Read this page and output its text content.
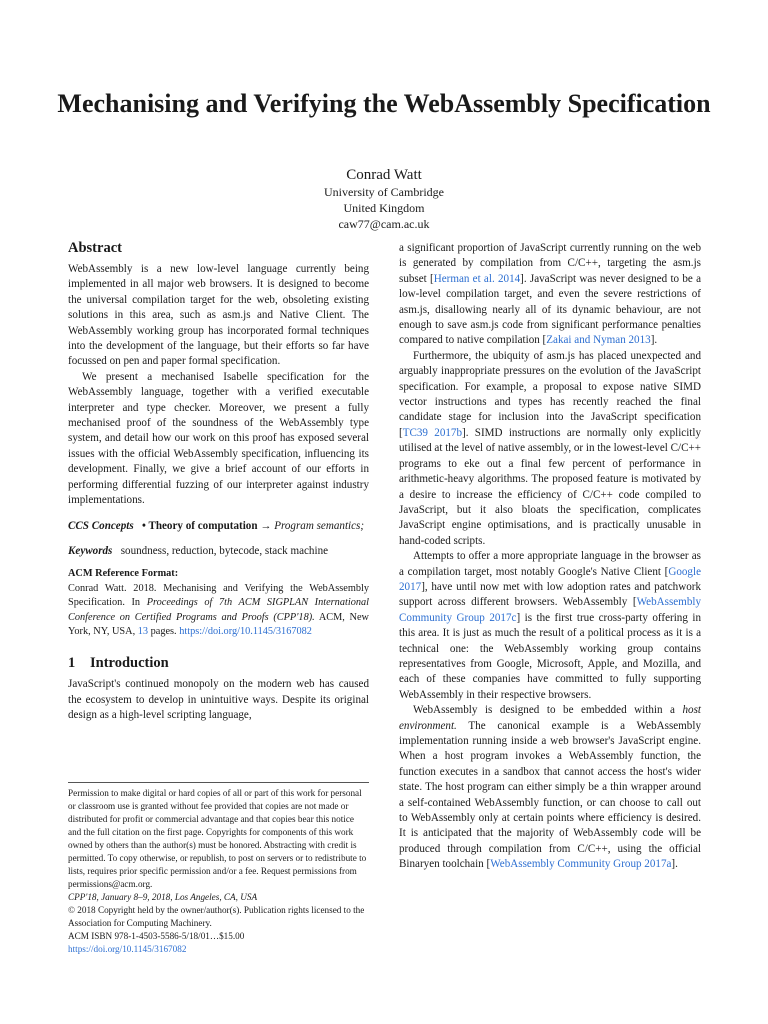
Mechanising and Verifying the WebAssembly Specification
Conrad Watt
University of Cambridge
United Kingdom
caw77@cam.ac.uk
Abstract

WebAssembly is a new low-level language currently being implemented in all major web browsers. It is designed to become the universal compilation target for the web, obsoleting existing solutions in this area, such as asm.js and Native Client. The WebAssembly working group has incorporated formal techniques into the development of the language, but their efforts so far have focussed on pen and paper formal specification.

We present a mechanised Isabelle specification for the WebAssembly language, together with a verified executable interpreter and type checker. Moreover, we present a fully mechanised proof of the soundness of the WebAssembly type system, and detail how our work on this proof has exposed several issues with the official WebAssembly specification, influencing its development. Finally, we give a brief account of our efforts in performing differential fuzzing of our interpreter against industry implementations.

CCS Concepts • Theory of computation → Program semantics;

Keywords soundness, reduction, bytecode, stack machine

ACM Reference Format:
Conrad Watt. 2018. Mechanising and Verifying the WebAssembly Specification. In Proceedings of 7th ACM SIGPLAN International Conference on Certified Programs and Proofs (CPP'18). ACM, New York, NY, USA, 13 pages. https://doi.org/10.1145/3167082

1 Introduction

JavaScript's continued monopoly on the modern web has caused the ecosystem to develop in unintuitive ways. Despite its original design as a high-level scripting language,

Permission to make digital or hard copies of all or part of this work for personal or classroom use is granted without fee provided that copies are not made or distributed for profit or commercial advantage and that copies bear this notice and the full citation on the first page. Copyrights for components of this work owned by others than the author(s) must be honored. Abstracting with credit is permitted. To copy otherwise, or republish, to post on servers or to redistribute to lists, requires prior specific permission and/or a fee. Request permissions from permissions@acm.org.

CPP'18, January 8–9, 2018, Los Angeles, CA, USA

© 2018 Copyright held by the owner/author(s). Publication rights licensed to the Association for Computing Machinery.

ACM ISBN 978-1-4503-5586-5/18/01…$15.00

https://doi.org/10.1145/3167082

a significant proportion of JavaScript currently running on the web is generated by compilation from C/C++, targeting the asm.js subset [Herman et al. 2014]. JavaScript was never designed to be a low-level compilation target, and even the severe restrictions of asm.js, disallowing nearly all of its dynamic behaviour, are not enough to save asm.js code from significant performance penalties compared to native compilation [Zakai and Nyman 2013].

Furthermore, the ubiquity of asm.js has placed unexpected and arguably inappropriate pressures on the evolution of the JavaScript specification. For example, a proposal to expose native SIMD vector instructions and types has recently reached the final candidate stage for inclusion into the JavaScript specification [TC39 2017b]. SIMD instructions are normally only explicitly utilised at the level of native assembly, or in the lowest-level C/C++ programs to eke out a final few percent of performance in arithmetic-heavy algorithms. The proposed feature is motivated by a desire to increase the efficiency of C/C++ code compiled to JavaScript, but it also bloats the specification, complicates JavaScript engine optimisations, and is practically unusable in hand-coded scripts.

Attempts to offer a more appropriate language in the browser as a compilation target, most notably Google's Native Client [Google 2017], have until now met with low adoption rates and patchwork support across different browsers. WebAssembly [WebAssembly Community Group 2017c] is the first true cross-party offering in this area. It is just as much the result of a political process as it is a technical one: the WebAssembly working group contains representatives from Google, Microsoft, Apple, and Mozilla, and each of these companies have committed to fully supporting WebAssembly in their respective browsers.

WebAssembly is designed to be embedded within a host environment. The canonical example is a WebAssembly implementation running inside a web browser's JavaScript engine. When a host program invokes a WebAssembly function, the function executes in a sandbox that cannot access the host's wider state. The host program can either simply be a thin wrapper around a self-contained WebAssembly function, or can choose to call out to WebAssembly only at certain points where efficiency is desired. It is anticipated that the majority of WebAssembly code will be produced through compilation from C/C++, using the official Binaryen toolchain [WebAssembly Community Group 2017a].
